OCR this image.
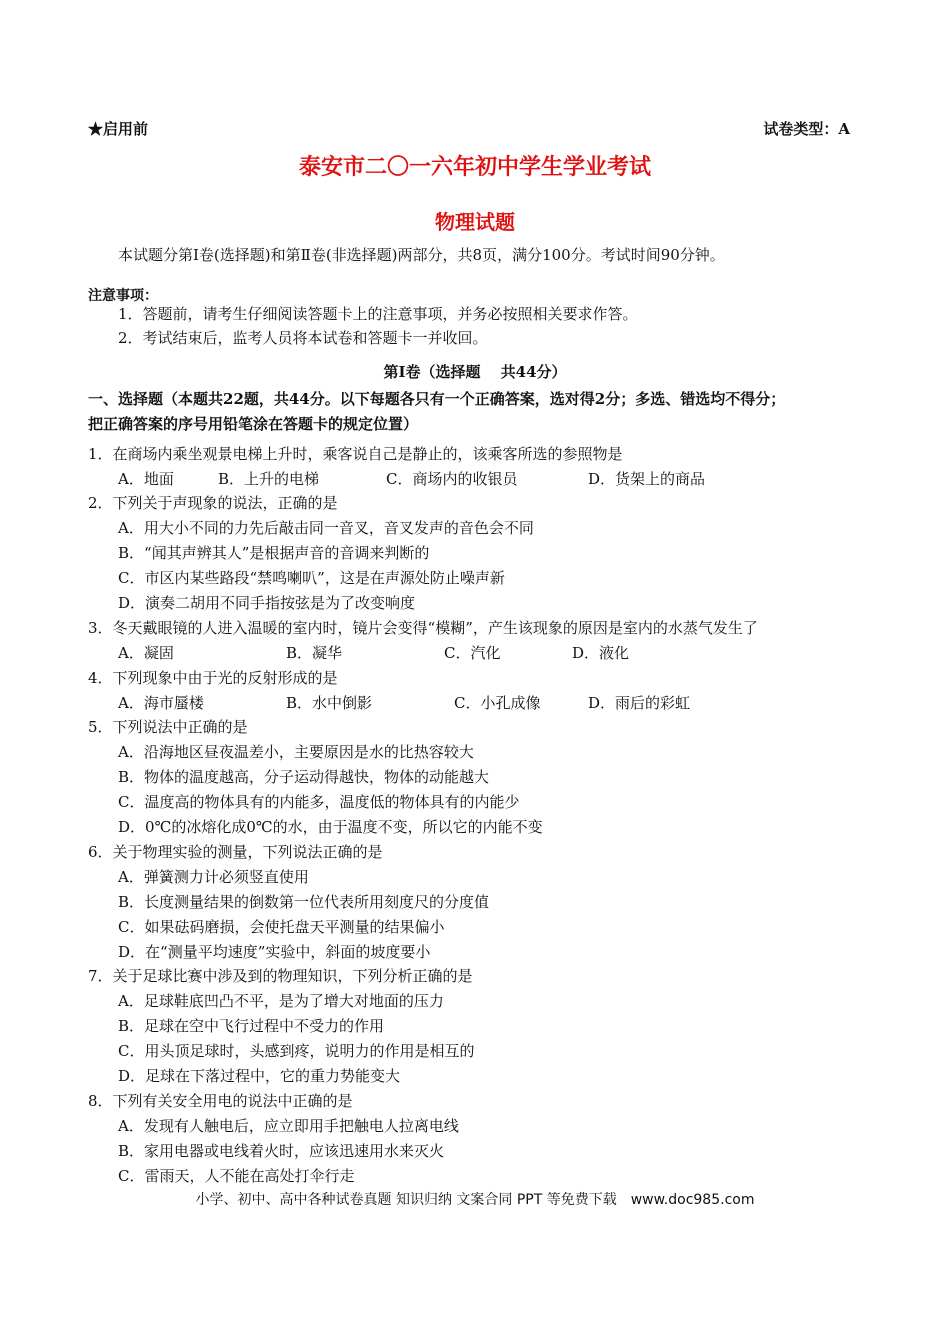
★启用前	试卷类型：A
泰安市二〇一六年初中学生学业考试
物理试题
本试题分第Ⅰ卷(选择题)和第Ⅱ卷(非选择题)两部分，共8页，满分100分。考试时间90分钟。
注意事项：
1．答题前，请考生仔细阅读答题卡上的注意事项，并务必按照相关要求作答。
2．考试结束后，监考人员将本试卷和答题卡一并收回。
第Ⅰ卷（选择题　 共44分）
一、选择题（本题共22题，共44分。以下每题各只有一个正确答案，选对得2分；多选、错选均不得分；
把正确答案的序号用铅笔涂在答题卡的规定位置）
1．在商场内乘坐观景电梯上升时，乘客说自己是静止的，该乘客所选的参照物是
A．地面	B．上升的电梯	C．商场内的收银员	D．货架上的商品
2．下列关于声现象的说法，正确的是
A．用大小不同的力先后敲击同一音叉，音叉发声的音色会不同
B．“闻其声辨其人”是根据声音的音调来判断的
C．市区内某些路段“禁鸣喇叭”，这是在声源处防止噪声新
D．演奏二胡用不同手指按弦是为了改变响度
3．冬天戴眼镜的人进入温暖的室内时，镜片会变得“模糊”，产生该现象的原因是室内的水蒸气发生了
A．凝固	B．凝华	C．汽化	D．液化
4．下列现象中由于光的反射形成的是
A．海市蜃楼	B．水中倒影	C．小孔成像	D．雨后的彩虹
5．下列说法中正确的是
A．沿海地区昼夜温差小，主要原因是水的比热容较大
B．物体的温度越高，分子运动得越快，物体的动能越大
C．温度高的物体具有的内能多，温度低的物体具有的内能少
D．0℃的冰熔化成0℃的水，由于温度不变，所以它的内能不变
6．关于物理实验的测量，下列说法正确的是
A．弹簧测力计必须竖直使用
B．长度测量结果的倒数第一位代表所用刻度尺的分度值
C．如果砝码磨损，会使托盘天平测量的结果偏小
D．在“测量平均速度”实验中，斜面的坡度要小
7．关于足球比赛中涉及到的物理知识，下列分析正确的是
A．足球鞋底凹凸不平，是为了增大对地面的压力
B．足球在空中飞行过程中不受力的作用
C．用头顶足球时，头感到疼，说明力的作用是相互的
D．足球在下落过程中，它的重力势能变大
8．下列有关安全用电的说法中正确的是
A．发现有人触电后，应立即用手把触电人拉离电线
B．家用电器或电线着火时，应该迅速用水来灭火
C．雷雨天，人不能在高处打伞行走
小学、初中、高中各种试卷真题 知识归纳 文案合同 PPT 等免费下载　www.doc985.com
